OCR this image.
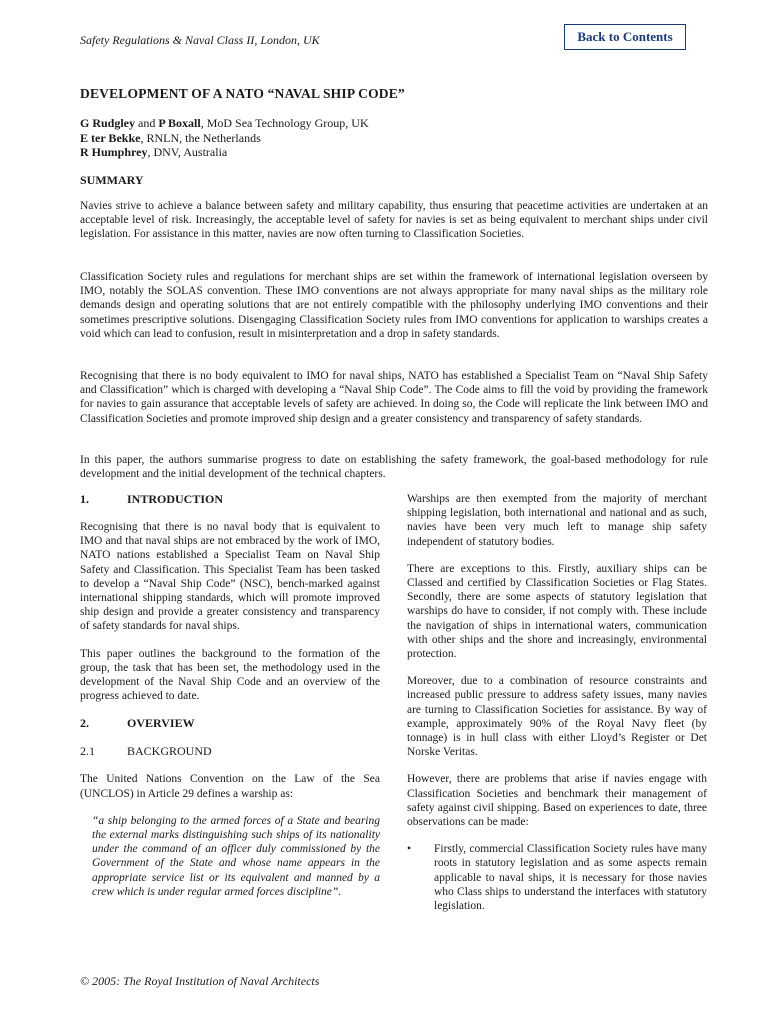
Safety Regulations & Naval Class II, London, UK	Back to Contents
DEVELOPMENT OF A NATO “NAVAL SHIP CODE”
G Rudgley and P Boxall, MoD Sea Technology Group, UK
E ter Bekke, RNLN, the Netherlands
R Humphrey, DNV, Australia
SUMMARY

Navies strive to achieve a balance between safety and military capability, thus ensuring that peacetime activities are undertaken at an acceptable level of risk. Increasingly, the acceptable level of safety for navies is set as being equivalent to merchant ships under civil legislation. For assistance in this matter, navies are now often turning to Classification Societies.

Classification Society rules and regulations for merchant ships are set within the framework of international legislation overseen by IMO, notably the SOLAS convention. These IMO conventions are not always appropriate for many naval ships as the military role demands design and operating solutions that are not entirely compatible with the philosophy underlying IMO conventions and their sometimes prescriptive solutions. Disengaging Classification Society rules from IMO conventions for application to warships creates a void which can lead to confusion, result in misinterpretation and a drop in safety standards.

Recognising that there is no body equivalent to IMO for naval ships, NATO has established a Specialist Team on “Naval Ship Safety and Classification” which is charged with developing a “Naval Ship Code”. The Code aims to fill the void by providing the framework for navies to gain assurance that acceptable levels of safety are achieved. In doing so, the Code will replicate the link between IMO and Classification Societies and promote improved ship design and a greater consistency and transparency of safety standards.

In this paper, the authors summarise progress to date on establishing the safety framework, the goal-based methodology for rule development and the initial development of the technical chapters.

1.	INTRODUCTION

Recognising that there is no naval body that is equivalent to IMO and that naval ships are not embraced by the work of IMO, NATO nations established a Specialist Team on Naval Ship Safety and Classification. This Specialist Team has been tasked to develop a “Naval Ship Code” (NSC), bench-marked against international shipping standards, which will promote improved ship design and provide a greater consistency and transparency of safety standards for naval ships.

This paper outlines the background to the formation of the group, the task that has been set, the methodology used in the development of the Naval Ship Code and an overview of the progress achieved to date.

2.	OVERVIEW
2.1	BACKGROUND

The United Nations Convention on the Law of the Sea (UNCLOS) in Article 29 defines a warship as:

“a ship belonging to the armed forces of a State and bearing the external marks distinguishing such ships of its nationality under the command of an officer duly commissioned by the Government of the State and whose name appears in the appropriate service list or its equivalent and manned by a crew which is under regular armed forces discipline”.

Warships are then exempted from the majority of merchant shipping legislation, both international and national and as such, navies have been very much left to manage ship safety independent of statutory bodies.

There are exceptions to this. Firstly, auxiliary ships can be Classed and certified by Classification Societies or Flag States. Secondly, there are some aspects of statutory legislation that warships do have to consider, if not comply with. These include the navigation of ships in international waters, communication with other ships and the shore and increasingly, environmental protection.

Moreover, due to a combination of resource constraints and increased public pressure to address safety issues, many navies are turning to Classification Societies for assistance. By way of example, approximately 90% of the Royal Navy fleet (by tonnage) is in hull class with either Lloyd’s Register or Det Norske Veritas.

However, there are problems that arise if navies engage with Classification Societies and benchmark their management of safety against civil shipping. Based on experiences to date, three observations can be made:

• Firstly, commercial Classification Society rules have many roots in statutory legislation and as some aspects remain applicable to naval ships, it is necessary for those navies who Class ships to understand the interfaces with statutory legislation.

© 2005: The Royal Institution of Naval Architects
